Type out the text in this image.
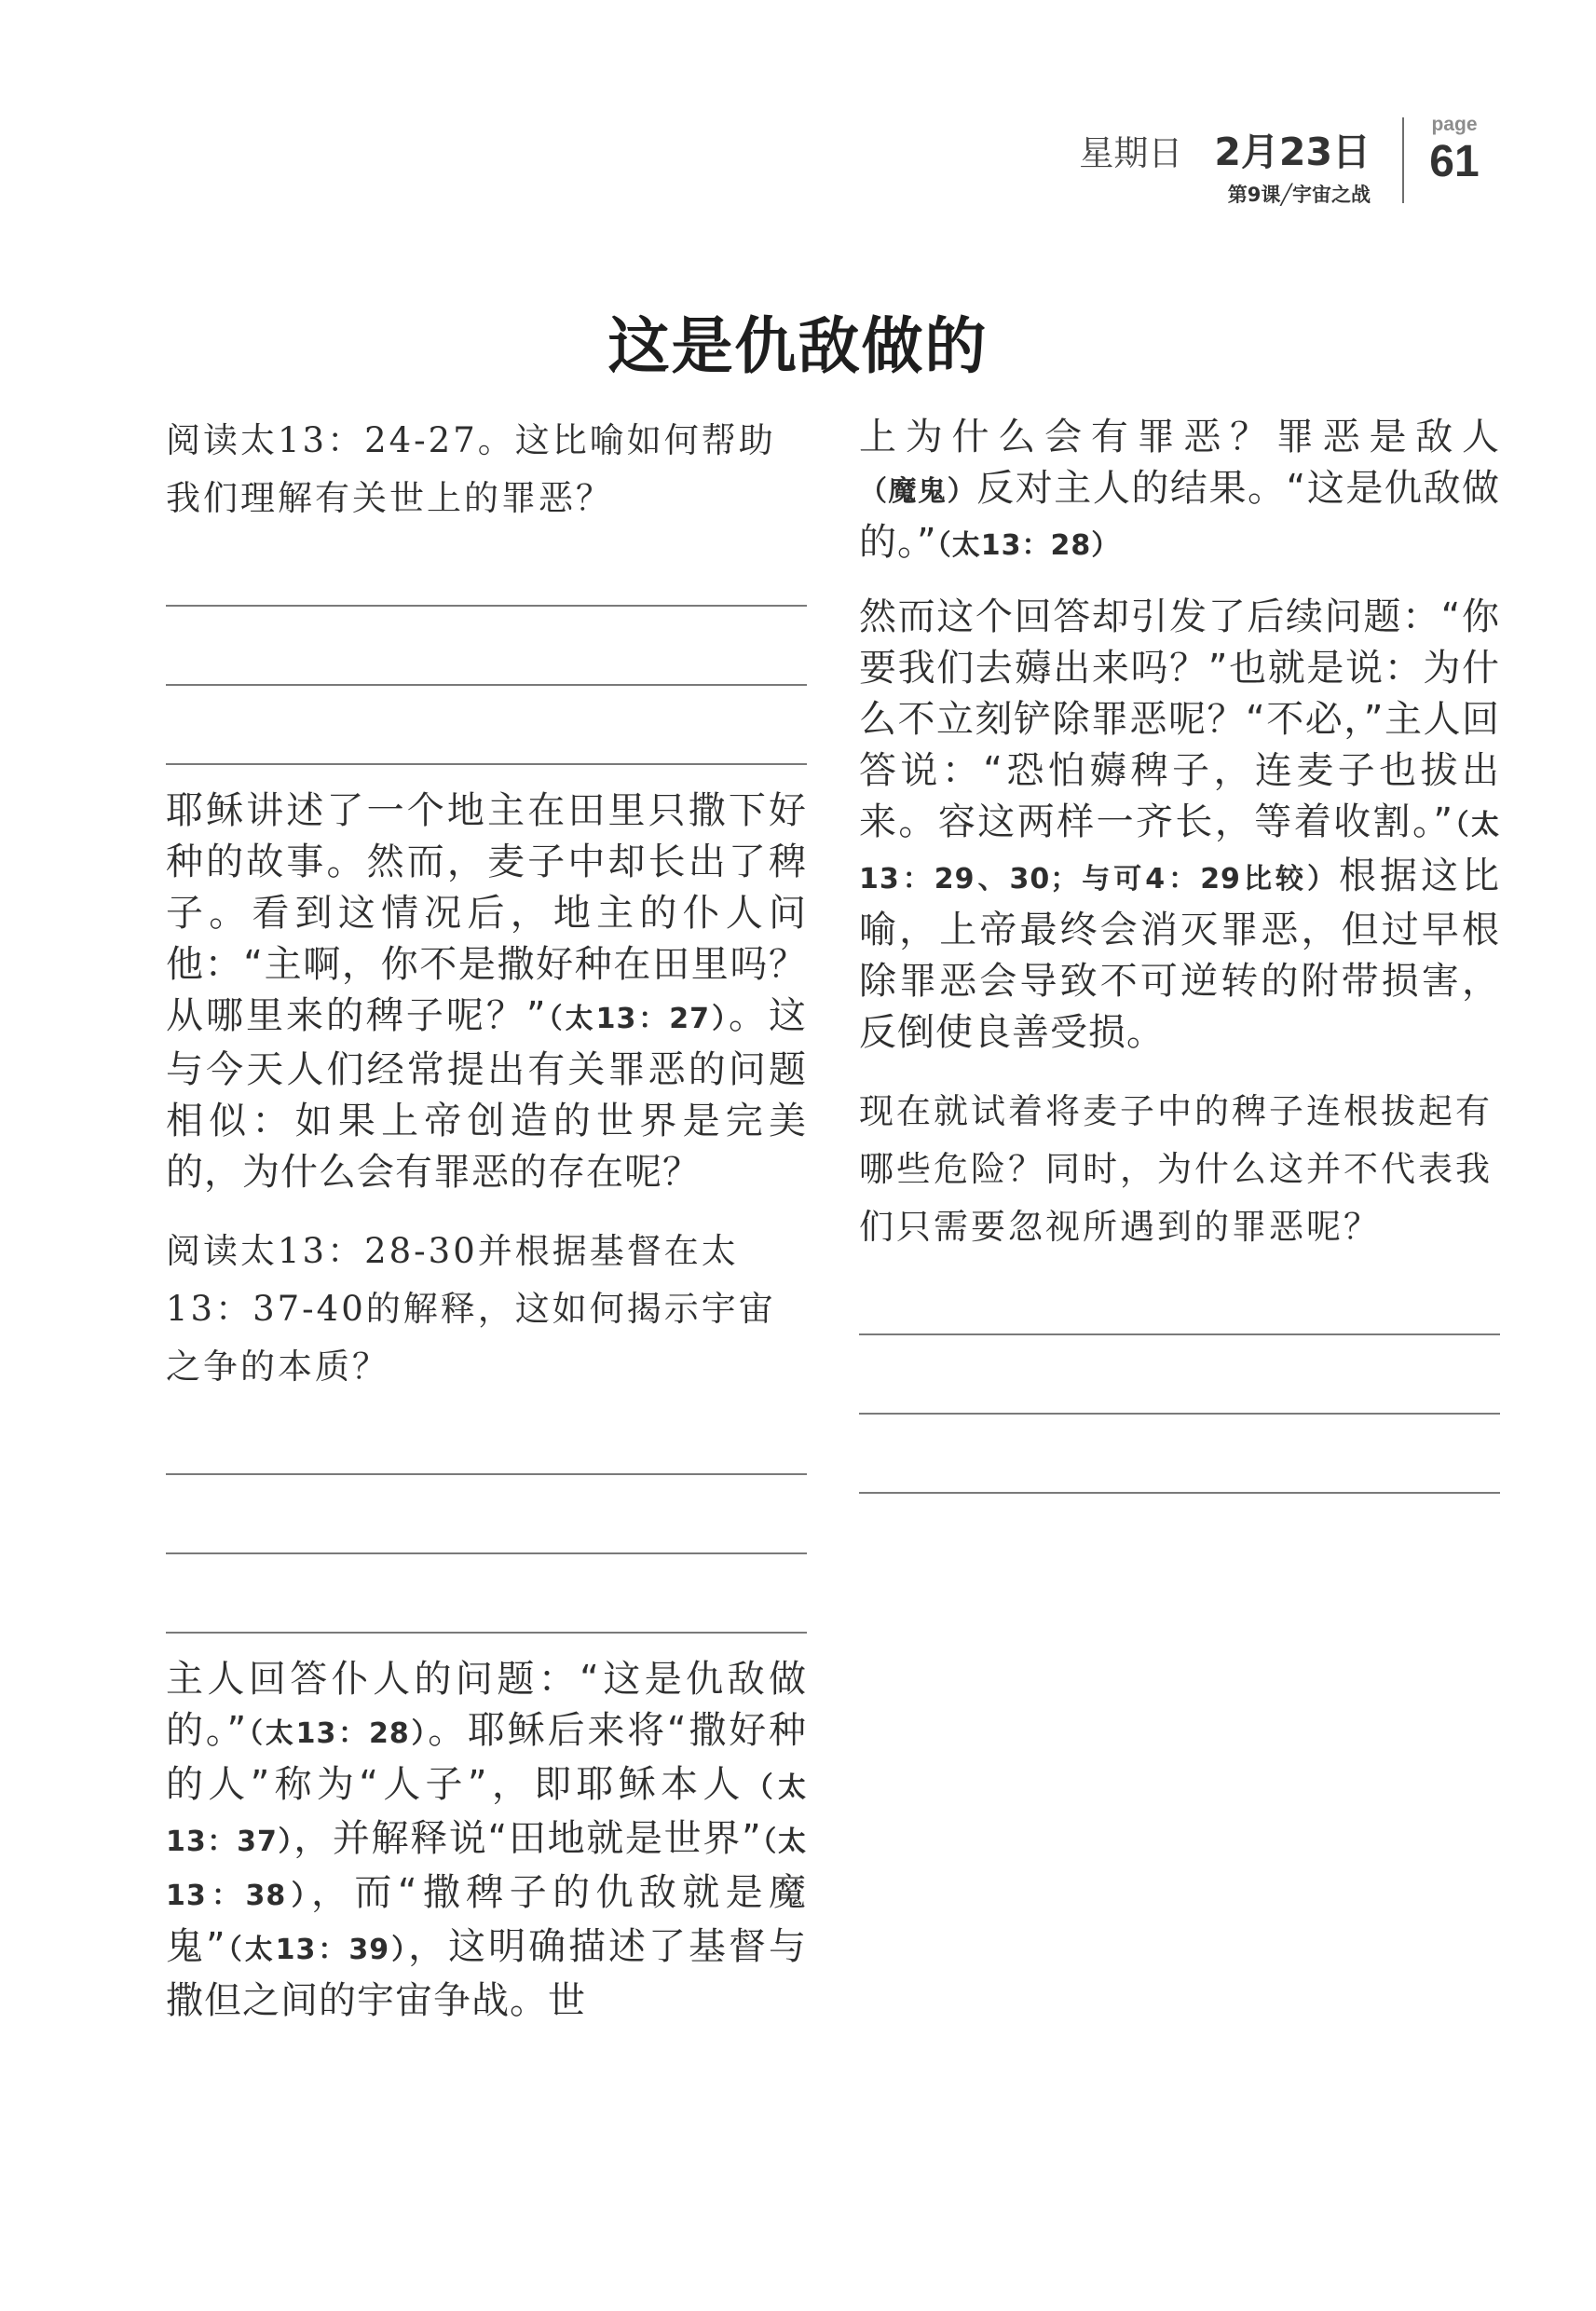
星期日 2月23日
第9课╱宇宙之战
page
61
这是仇敌做的

阅读太13：24-27。这比喻如何帮助我们理解有关世上的罪恶？

耶稣讲述了一个地主在田里只撒下好种的故事。然而，麦子中却长出了稗子。看到这情况后，地主的仆人问他：“主啊，你不是撒好种在田里吗？从哪里来的稗子呢？”（太13：27）。这与今天人们经常提出有关罪恶的问题相似：如果上帝创造的世界是完美的，为什么会有罪恶的存在呢？

阅读太13：28-30并根据基督在太13：37-40的解释，这如何揭示宇宙之争的本质？

主人回答仆人的问题：“这是仇敌做的。”（太13：28）。耶稣后来将“撒好种的人”称为“人子”，即耶稣本人（太13：37），并解释说“田地就是世界”（太13：38），而“撒稗子的仇敌就是魔鬼”（太13：39），这明确描述了基督与撒但之间的宇宙争战。世

上为什么会有罪恶？罪恶是敌人（魔鬼）反对主人的结果。“这是仇敌做的。”（太13：28）

然而这个回答却引发了后续问题：“你要我们去薅出来吗？”也就是说：为什么不立刻铲除罪恶呢？“不必，”主人回答说：“恐怕薅稗子，连麦子也拔出来。容这两样一齐长，等着收割。”（太13：29、30；与可4：29比较）根据这比喻，上帝最终会消灭罪恶，但过早根除罪恶会导致不可逆转的附带损害，反倒使良善受损。

现在就试着将麦子中的稗子连根拔起有哪些危险？同时，为什么这并不代表我们只需要忽视所遇到的罪恶呢？
